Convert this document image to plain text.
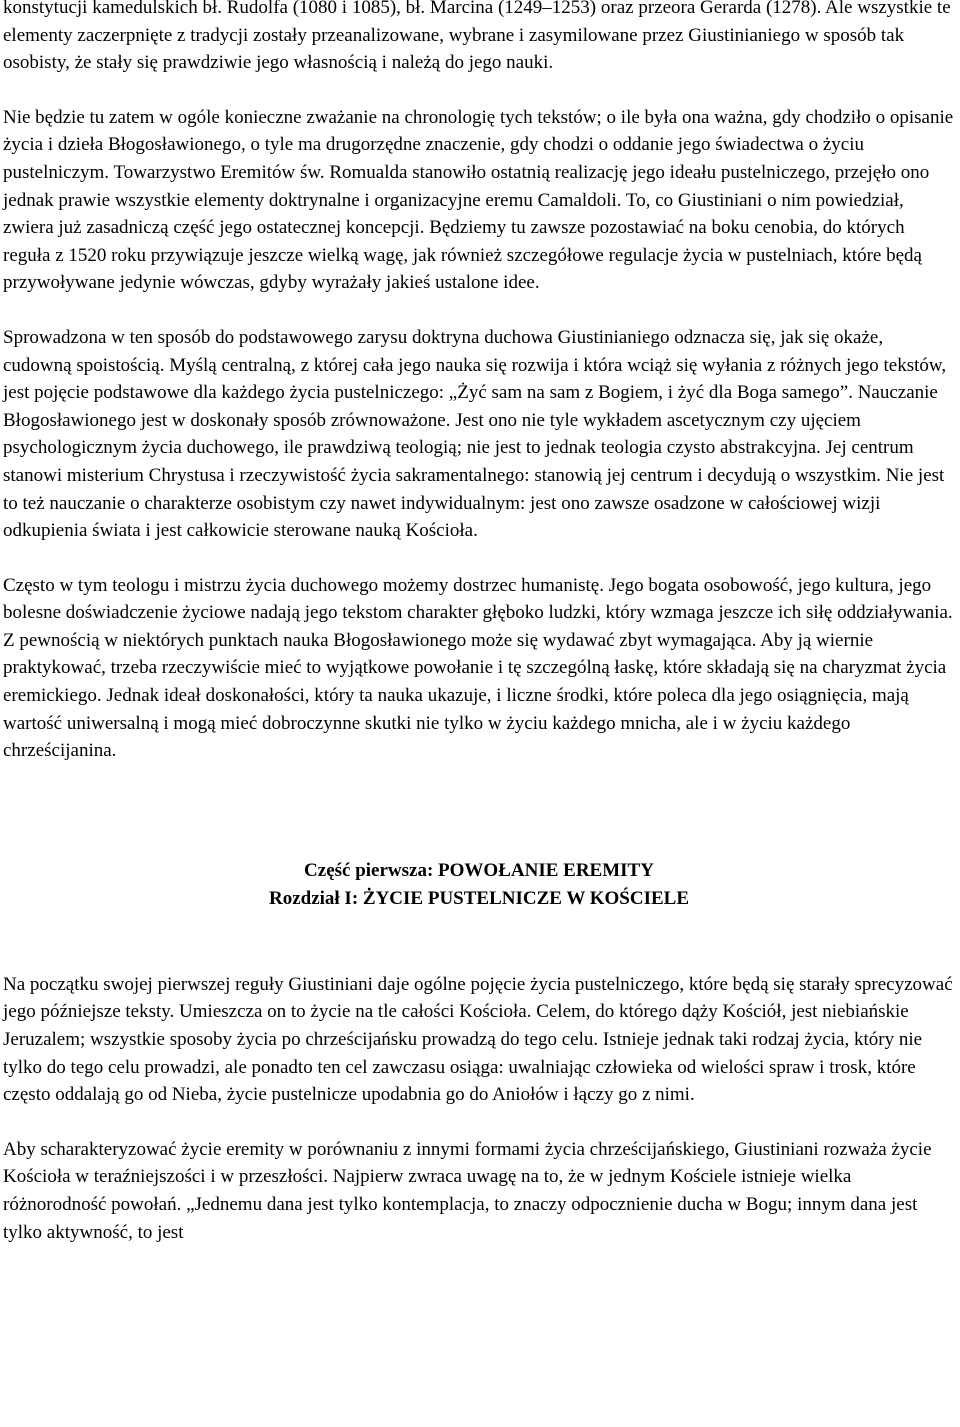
konstytucji kamedulskich bł. Rudolfa (1080 i 1085), bł. Marcina (1249–1253) oraz przeora Gerarda (1278). Ale wszystkie te elementy zaczerpnięte z tradycji zostały przeanalizowane, wybrane i zasymilowane przez Giustinianiego w sposób tak osobisty, że stały się prawdziwie jego własnością i należą do jego nauki.

Nie będzie tu zatem w ogóle konieczne zważanie na chronologię tych tekstów; o ile była ona ważna, gdy chodziło o opisanie życia i dzieła Błogosławionego, o tyle ma drugorzędne znaczenie, gdy chodzi o oddanie jego świadectwa o życiu pustelniczym. Towarzystwo Eremitów św. Romualda stanowiło ostatnią realizację jego ideału pustelniczego, przejęło ono jednak prawie wszystkie elementy doktrynalne i organizacyjne eremu Camaldoli. To, co Giustiniani o nim powiedział, zwiera już zasadniczą część jego ostatecznej koncepcji. Będziemy tu zawsze pozostawiać na boku cenobia, do których reguła z 1520 roku przywiązuje jeszcze wielką wagę, jak również szczegółowe regulacje życia w pustelniach, które będą przywoływane jedynie wówczas, gdyby wyrażały jakieś ustalone idee.

Sprowadzona w ten sposób do podstawowego zarysu doktryna duchowa Giustinianiego odznacza się, jak się okaże, cudowną spoistością. Myślą centralną, z której cała jego nauka się rozwija i która wciąż się wyłania z różnych jego tekstów, jest pojęcie podstawowe dla każdego życia pustelniczego: „Żyć sam na sam z Bogiem, i żyć dla Boga samego”. Nauczanie Błogosławionego jest w doskonały sposób zrównoważone. Jest ono nie tyle wykładem ascetycznym czy ujęciem psychologicznym życia duchowego, ile prawdziwą teologią; nie jest to jednak teologia czysto abstrakcyjna. Jej centrum stanowi misterium Chrystusa i rzeczywistość życia sakramentalnego: stanowią jej centrum i decydują o wszystkim. Nie jest to też nauczanie o charakterze osobistym czy nawet indywidualnym: jest ono zawsze osadzone w całościowej wizji odkupienia świata i jest całkowicie sterowane nauką Kościoła.

Często w tym teologu i mistrzu życia duchowego możemy dostrzec humanistę. Jego bogata osobowość, jego kultura, jego bolesne doświadczenie życiowe nadają jego tekstom charakter głęboko ludzki, który wzmaga jeszcze ich siłę oddziaływania. Z pewnością w niektórych punktach nauka Błogosławionego może się wydawać zbyt wymagająca. Aby ją wiernie praktykować, trzeba rzeczywiście mieć to wyjątkowe powołanie i tę szczególną łaskę, które składają się na charyzmat życia eremickiego. Jednak ideał doskonałości, który ta nauka ukazuje, i liczne środki, które poleca dla jego osiągnięcia, mają wartość uniwersalną i mogą mieć dobroczynne skutki nie tylko w życiu każdego mnicha, ale i w życiu każdego chrześcijanina.

Część pierwsza: POWOŁANIE EREMITY
Rozdział I: ŻYCIE PUSTELNICZE W KOŚCIELE

Na początku swojej pierwszej reguły Giustiniani daje ogólne pojęcie życia pustelniczego, które będą się starały sprecyzować jego późniejsze teksty. Umieszcza on to życie na tle całości Kościoła. Celem, do którego dąży Kościół, jest niebiańskie Jeruzalem; wszystkie sposoby życia po chrześcijańsku prowadzą do tego celu. Istnieje jednak taki rodzaj życia, który nie tylko do tego celu prowadzi, ale ponadto ten cel zawczasu osiąga: uwalniając człowieka od wielości spraw i trosk, które często oddalają go od Nieba, życie pustelnicze upodabnia go do Aniołów i łączy go z nimi.

Aby scharakteryzować życie eremity w porównaniu z innymi formami życia chrześcijańskiego, Giustiniani rozważa życie Kościoła w teraźniejszości i w przeszłości. Najpierw zwraca uwagę na to, że w jednym Kościele istnieje wielka różnorodność powołań. „Jednemu dana jest tylko kontemplacja, to znaczy odpocznienie ducha w Bogu; innym dana jest tylko aktywność, to jest
